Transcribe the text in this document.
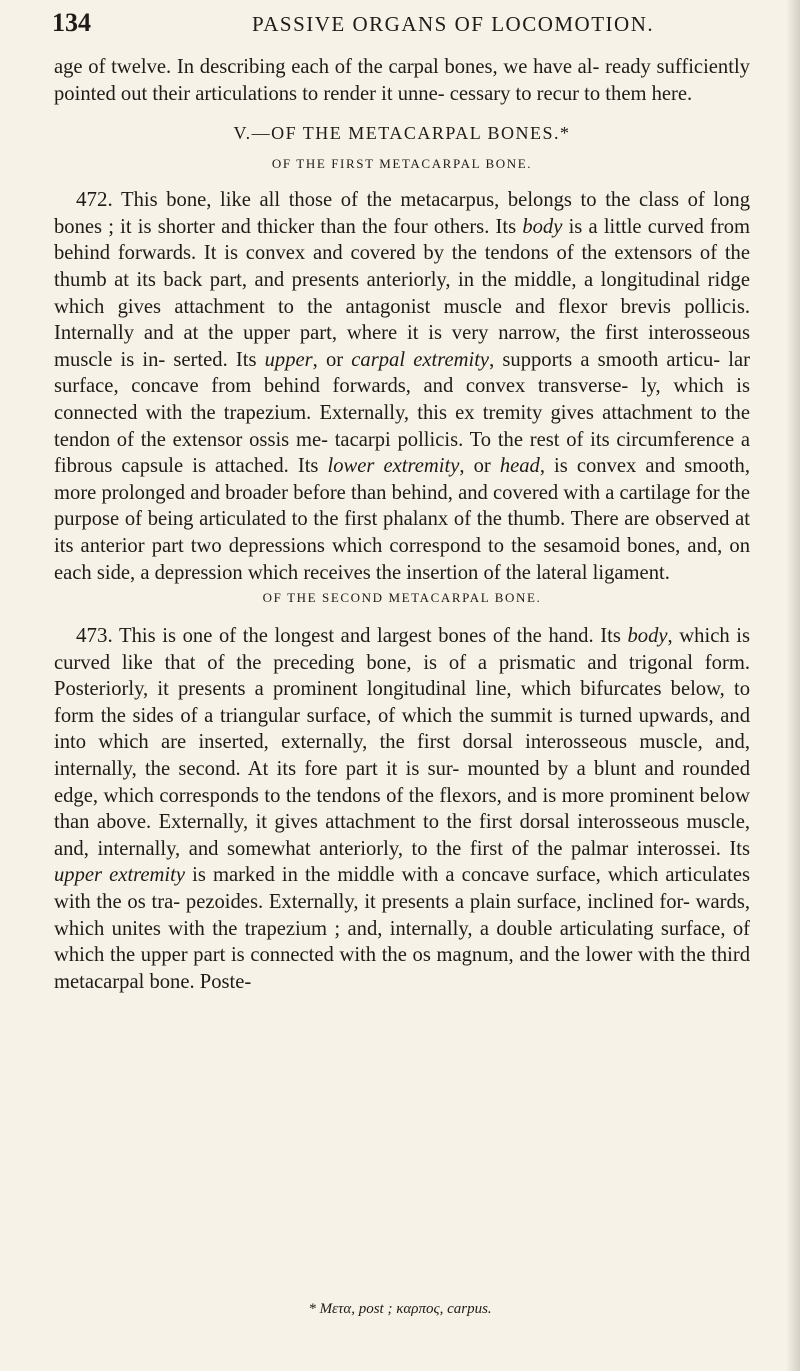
134	PASSIVE ORGANS OF LOCOMOTION.

age of twelve. In describing each of the carpal bones, we have al- ready sufficiently pointed out their articulations to render it unne- cessary to recur to them here.

V.—OF THE METACARPAL BONES.*
OF THE FIRST METACARPAL BONE.

472. This bone, like all those of the metacarpus, belongs to the class of long bones ; it is shorter and thicker than the four others. Its body is a little curved from behind forwards. It is convex and covered by the tendons of the extensors of the thumb at its back part, and presents anteriorly, in the middle, a longitudinal ridge which gives attachment to the antagonist muscle and flexor brevis pollicis. Internally and at the upper part, where it is very narrow, the first interosseous muscle is in- serted. Its upper, or carpal extremity, supports a smooth articu- lar surface, concave from behind forwards, and convex transverse- ly, which is connected with the trapezium. Externally, this ex tremity gives attachment to the tendon of the extensor ossis me- tacarpi pollicis. To the rest of its circumference a fibrous capsule is attached. Its lower extremity, or head, is convex and smooth, more prolonged and broader before than behind, and covered with a cartilage for the purpose of being articulated to the first phalanx of the thumb. There are observed at its anterior part two depressions which correspond to the sesamoid bones, and, on each side, a depression which receives the insertion of the lateral ligament.

OF THE SECOND METACARPAL BONE.

473. This is one of the longest and largest bones of the hand. Its body, which is curved like that of the preceding bone, is of a prismatic and trigonal form. Posteriorly, it presents a prominent longitudinal line, which bifurcates below, to form the sides of a triangular surface, of which the summit is turned upwards, and into which are inserted, externally, the first dorsal interosseous muscle, and, internally, the second. At its fore part it is sur- mounted by a blunt and rounded edge, which corresponds to the tendons of the flexors, and is more prominent below than above. Externally, it gives attachment to the first dorsal interosseous muscle, and, internally, and somewhat anteriorly, to the first of the palmar interossei. Its upper extremity is marked in the middle with a concave surface, which articulates with the os tra- pezoides. Externally, it presents a plain surface, inclined for- wards, which unites with the trapezium ; and, internally, a double articulating surface, of which the upper part is connected with the os magnum, and the lower with the third metacarpal bone. Poste-

* Μετα, post ; καρπος, carpus.
